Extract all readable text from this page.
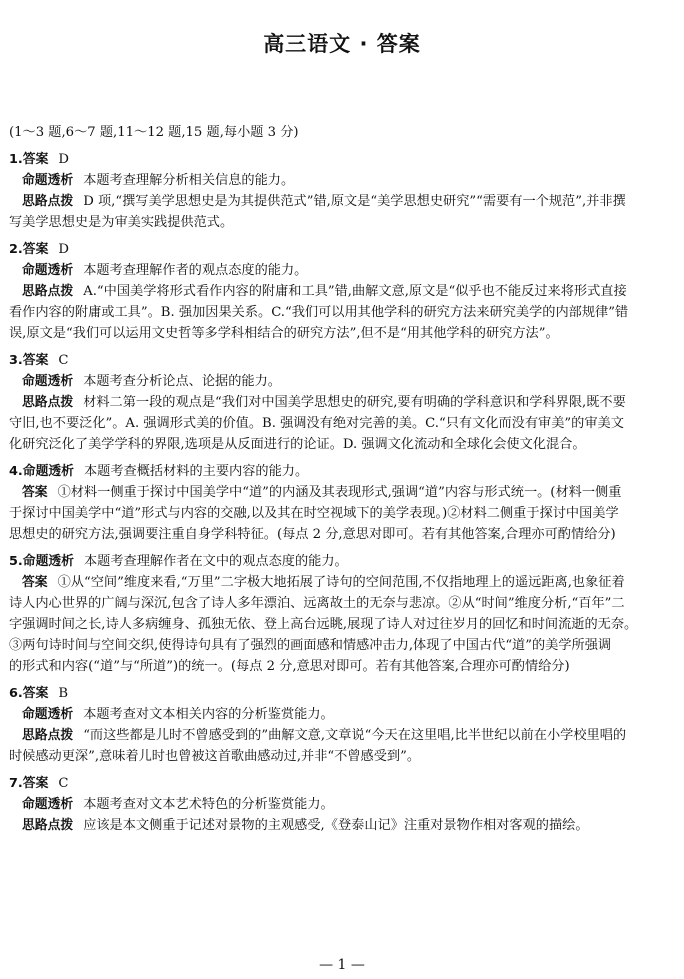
高三语文 · 答案
(1～3 题,6～7 题,11～12 题,15 题,每小题 3 分)
1.答案 D
命题透析 本题考查理解分析相关信息的能力。
思路点拨 D 项,“撰写美学思想史是为其提供范式”错,原文是“美学思想史研究”“需要有一个规范”,并非撰
写美学思想史是为审美实践提供范式。
2.答案 D
命题透析 本题考查理解作者的观点态度的能力。
思路点拨 A.“中国美学将形式看作内容的附庸和工具”错,曲解文意,原文是“似乎也不能反过来将形式直接
看作内容的附庸或工具”。B. 强加因果关系。C.“我们可以用其他学科的研究方法来研究美学的内部规律”错
误,原文是“我们可以运用文史哲等多学科相结合的研究方法”,但不是“用其他学科的研究方法”。
3.答案 C
命题透析 本题考查分析论点、论据的能力。
思路点拨 材料二第一段的观点是“我们对中国美学思想史的研究,要有明确的学科意识和学科界限,既不要
守旧,也不要泛化”。A. 强调形式美的价值。B. 强调没有绝对完善的美。C.“只有文化而没有审美”的审美文
化研究泛化了美学学科的界限,选项是从反面进行的论证。D. 强调文化流动和全球化会使文化混合。
4.命题透析 本题考查概括材料的主要内容的能力。
答案 ①材料一侧重于探讨中国美学中“道”的内涵及其表现形式,强调“道”内容与形式统一。(材料一侧重
于探讨中国美学中“道”形式与内容的交融,以及其在时空视域下的美学表现。)②材料二侧重于探讨中国美学
思想史的研究方法,强调要注重自身学科特征。(每点 2 分,意思对即可。若有其他答案,合理亦可酌情给分)
5.命题透析 本题考查理解作者在文中的观点态度的能力。
答案 ①从“空间”维度来看,“万里”二字极大地拓展了诗句的空间范围,不仅指地理上的遥远距离,也象征着
诗人内心世界的广阔与深沉,包含了诗人多年漂泊、远离故土的无奈与悲凉。②从“时间”维度分析,“百年”二
字强调时间之长,诗人多病缠身、孤独无依、登上高台远眺,展现了诗人对过往岁月的回忆和时间流逝的无奈。
③两句诗时间与空间交织,使得诗句具有了强烈的画面感和情感冲击力,体现了中国古代“道”的美学所强调
的形式和内容(“道”与“所道”)的统一。(每点 2 分,意思对即可。若有其他答案,合理亦可酌情给分)
6.答案 B
命题透析 本题考查对文本相关内容的分析鉴赏能力。
思路点拨 “而这些都是儿时不曾感受到的”曲解文意,文章说“今天在这里唱,比半世纪以前在小学校里唱的
时候感动更深”,意味着儿时也曾被这首歌曲感动过,并非“不曾感受到”。
7.答案 C
命题透析 本题考查对文本艺术特色的分析鉴赏能力。
思路点拨 应该是本文侧重于记述对景物的主观感受,《登泰山记》注重对景物作相对客观的描绘。
— 1 —
